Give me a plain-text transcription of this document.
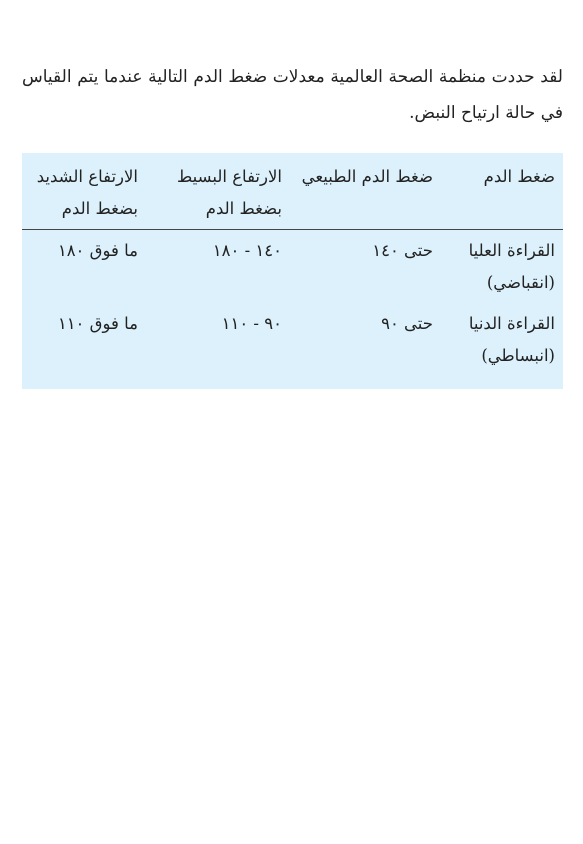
لقد حددت منظمة الصحة العالمية معدلات ضغط الدم التالية عندما يتم القياس في حالة ارتياح النبض.

ضغط الدم
ضغط الدم الطبيعي
الارتفاع البسيط
بضغط الدم
الارتفاع الشديد
بضغط الدم
القراءة العليا
(انقباضي)
حتى ١٤٠
١٤٠ - ١٨٠
ما فوق ١٨٠
القراءة الدنيا
(انبساطي)
حتى ٩٠
٩٠ - ١١٠
ما فوق ١١٠
